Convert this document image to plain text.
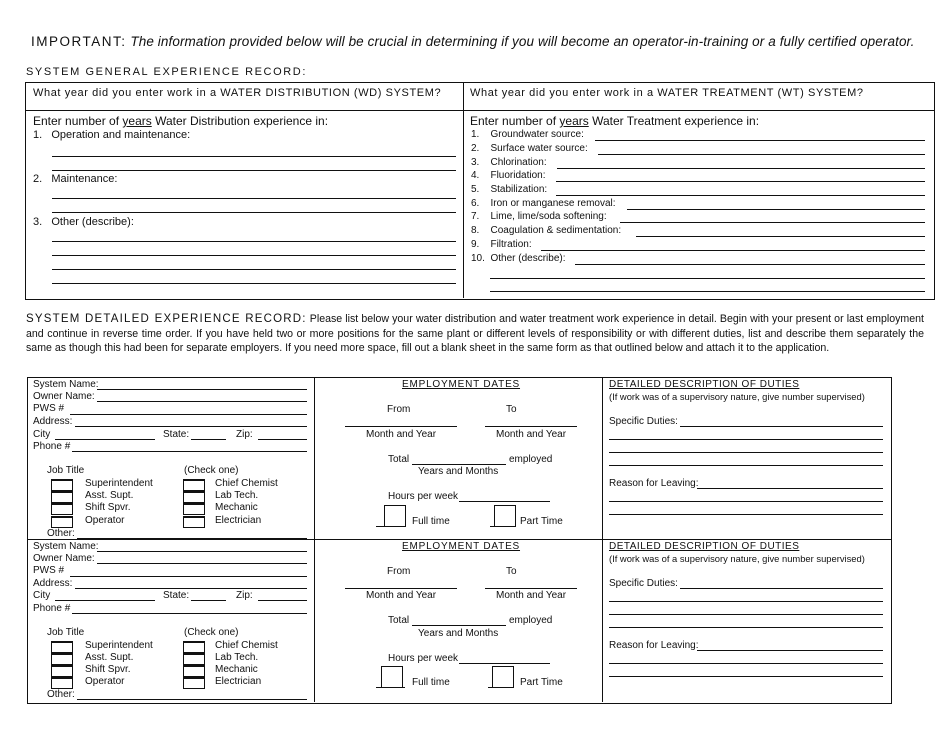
IMPORTANT: The information provided below will be crucial in determining if you will become an operator-in-training or a fully certified operator.
SYSTEM GENERAL EXPERIENCE RECORD:
What year did you enter work in a WATER DISTRIBUTION (WD) SYSTEM?	What year did you enter work in a WATER TREATMENT (WT) SYSTEM?
Enter number of years Water Distribution experience in:	Enter number of years Water Treatment experience in:
1. Operation and maintenance:
2. Maintenance:
3. Other (describe):
1. Groundwater source:
2. Surface water source:
3. Chlorination:
4. Fluoridation:
5. Stabilization:
6. Iron or manganese removal:
7. Lime, lime/soda softening:
8. Coagulation & sedimentation:
9. Filtration:
10. Other (describe):
SYSTEM DETAILED EXPERIENCE RECORD: Please list below your water distribution and water treatment work experience in detail. Begin with your present or last employment and continue in reverse time order. If you have held two or more positions for the same plant or different levels of responsibility or with different duties, list and describe them separately the same as though this had been for separate employers. If you need more space, fill out a blank sheet in the same form as that outlined below and attach it to the application.
System Name:
Owner Name:
PWS #
Address:
City	State:	Zip:
Phone #
Job Title	(Check one)
Superintendent
Asst. Supt.
Shift Spvr.
Operator
Chief Chemist
Lab Tech.
Mechanic
Electrician
Other:
EMPLOYMENT DATES
From	To
Month and Year	Month and Year
Total	employed
Years and Months
Hours per week
Full time	Part Time
DETAILED DESCRIPTION OF DUTIES
(If work was of a supervisory nature, give number supervised)
Specific Duties:
Reason for Leaving:
System Name:
Owner Name:
PWS #
Address:
City	State:	Zip:
Phone #
Job Title	(Check one)
Superintendent
Asst. Supt.
Shift Spvr.
Operator
Chief Chemist
Lab Tech.
Mechanic
Electrician
Other:
EMPLOYMENT DATES
From	To
Month and Year	Month and Year
Total	employed
Years and Months
Hours per week
Full time	Part Time
DETAILED DESCRIPTION OF DUTIES
(If work was of a supervisory nature, give number supervised)
Specific Duties:
Reason for Leaving:
